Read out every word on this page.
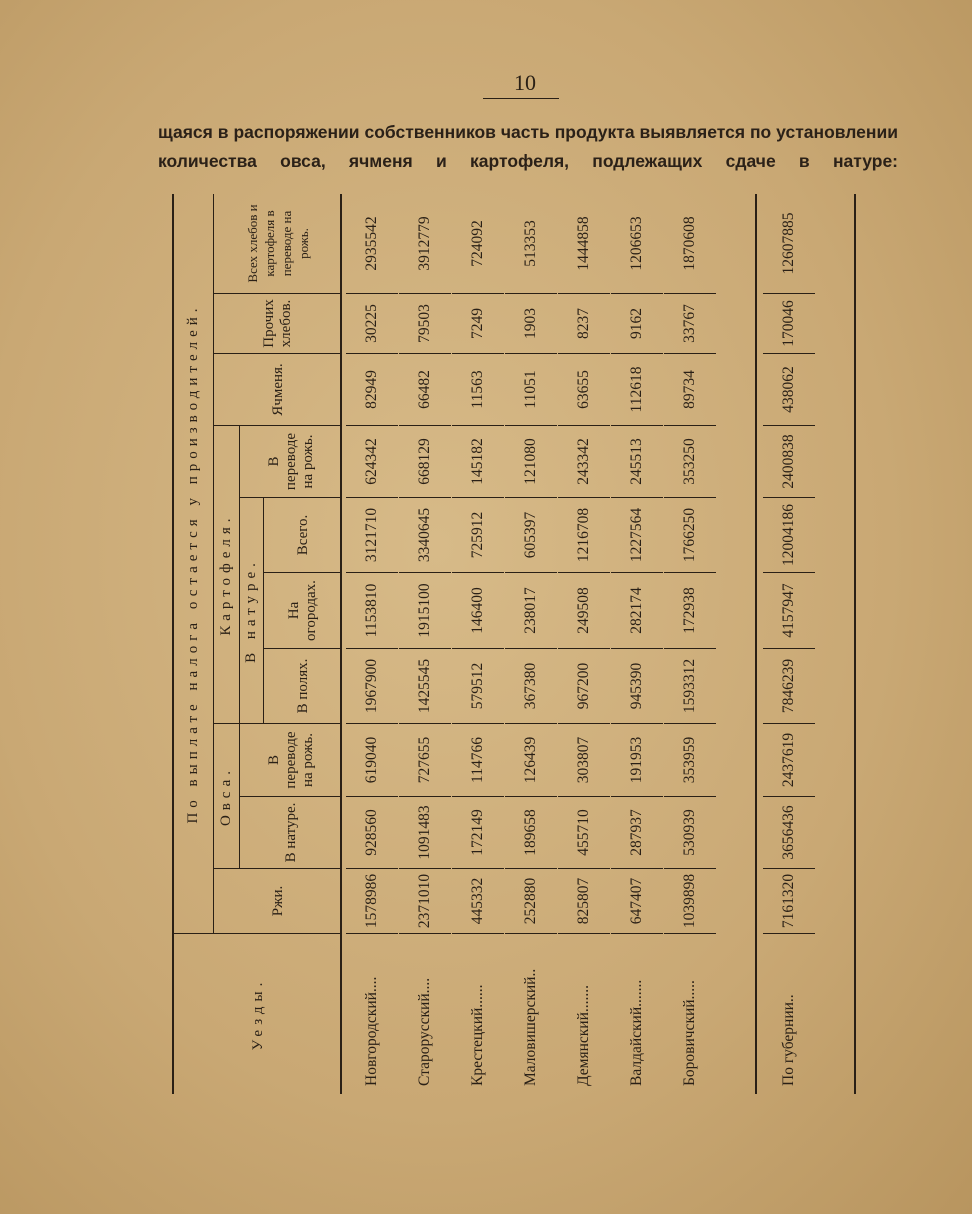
10
щаяся в распоряжении собственников часть продукта выявляется по установлении количества овса, ячменя и картофеля, подлежащих сдаче в натуре:
Уезды.
По выплате налога остается у производителей.
Ржи.
Овса.
В натуре.
В переводе на рожь.
Картофеля. В натуре.
В полях.
На огородах.
Всего.
В переводе на рожь.
Ячменя.
Прочих хлебов.
Всех хлебов и картофеля в переводе на рожь.
Новгородский....
1578986
928560
619040
1967900
1153810
3121710
624342
82949
30225
2935542
Старорусский....
2371010
1091483
727655
1425545
1915100
3340645
668129
66482
79503
3912779
Крестецкий......
445332
172149
114766
579512
146400
725912
145182
11563
7249
724092
Маловишерский..
252880
189658
126439
367380
238017
605397
121080
11051
1903
513353
Демянский.......
825807
455710
303807
967200
249508
1216708
243342
63655
8237
1444858
Валдайский.......
647407
287937
191953
945390
282174
1227564
245513
112618
9162
1206653
Боровичский.....
1039898
530939
353959
1593312
172938
1766250
353250
89734
33767
1870608
По губернии..
7161320
3656436
2437619
7846239
4157947
12004186
2400838
438062
170046
12607885
